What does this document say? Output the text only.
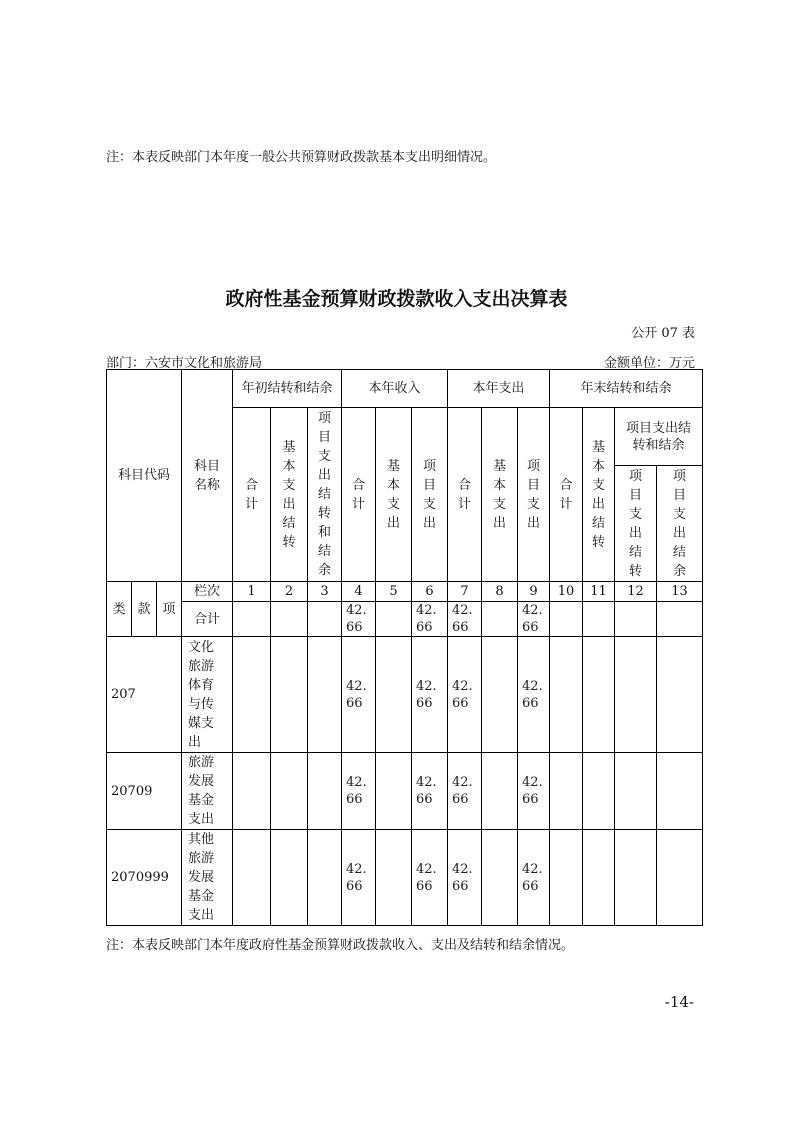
注：本表反映部门本年度一般公共预算财政拨款基本支出明细情况。
政府性基金预算财政拨款收入支出决算表
公开 07 表
部门：六安市文化和旅游局	金额单位：万元
科目代码			科目名称	年初结转和结余			本年收入			本年支出			年末结转和结余			
				合计	基本支出结转	项目支出结转和结余	合计	基本支出	项目支出	合计	基本支出	项目支出	合计	基本支出结转	项目支出结转和结余	
															项目支出结转	项目支出结余
类	款	项	栏次	1	2	3	4	5	6	7	8	9	10	11	12	13
			合计				42.66		42.66	42.66		42.66				
207			文化旅游体育与传媒支出				42.66		42.66	42.66		42.66				
20709			旅游发展基金支出				42.66		42.66	42.66		42.66				
2070999			其他旅游发展基金支出				42.66		42.66	42.66		42.66				
注：本表反映部门本年度政府性基金预算财政拨款收入、支出及结转和结余情况。
-14-
